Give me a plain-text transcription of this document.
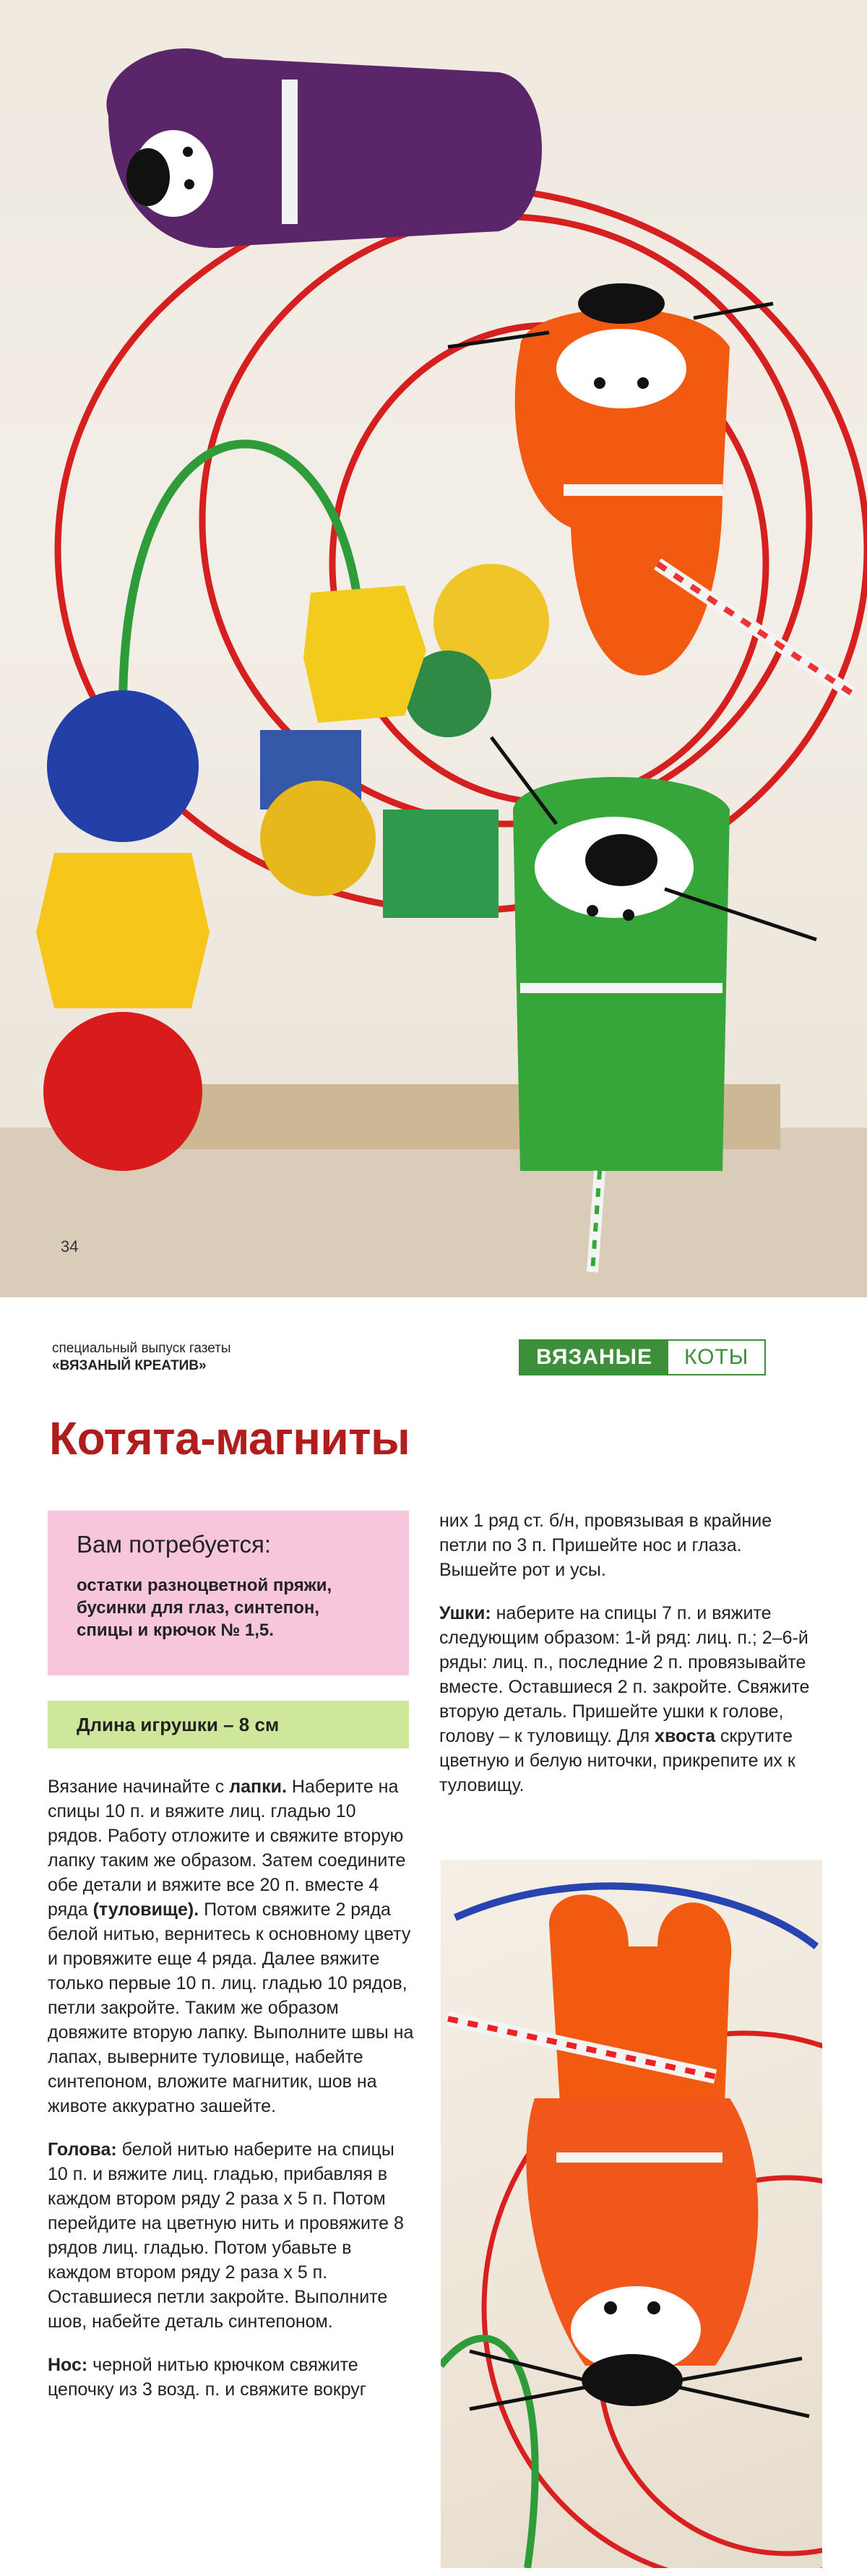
34
специальный выпуск газеты
«ВЯЗАНЫЙ КРЕАТИВ»	ВЯЗАНЫЕ	КОТЫ
Котята-магниты
Вам потребуется:
остатки разноцветной пряжи,
бусинки для глаз, синтепон,
спицы и крючок № 1,5.
Длина игрушки – 8 см

Вязание начинайте с лапки. Наберите на спицы 10 п. и вяжите лиц. гладью 10 рядов. Работу отложите и свяжите вторую лапку таким же образом. Затем соедините обе детали и вяжите все 20 п. вместе 4 ряда (туловище). Потом свяжите 2 ряда белой нитью, вернитесь к основному цвету и провяжите еще 4 ряда. Далее вяжите только первые 10 п. лиц. гладью 10 рядов, петли закройте. Таким же образом довяжите вторую лапку. Выполните швы на лапах, выверните туловище, набейте синтепоном, вложите магнитик, шов на животе аккуратно зашейте.

Голова: белой нитью наберите на спицы 10 п. и вяжите лиц. гладью, прибавляя в каждом втором ряду 2 раза х 5 п. Потом перейдите на цветную нить и провяжите 8 рядов лиц. гладью. Потом убавьте в каждом втором ряду 2 раза х 5 п. Оставшиеся петли закройте. Выполните шов, набейте деталь синтепоном.

Нос: черной нитью крючком свяжите цепочку из 3 возд. п. и свяжите вокруг

них 1 ряд ст. б/н, провязывая в крайние петли по 3 п. Пришейте нос и глаза. Вышейте рот и усы.

Ушки: наберите на спицы 7 п. и вяжите следующим образом: 1-й ряд: лиц. п.; 2–6-й ряды: лиц. п., последние 2 п. провязывайте вместе. Оставшиеся 2 п. закройте. Свяжите вторую деталь. Пришейте ушки к голове, голову – к туловищу. Для хвоста скрутите цветную и белую ниточки, прикрепите их к туловищу.
